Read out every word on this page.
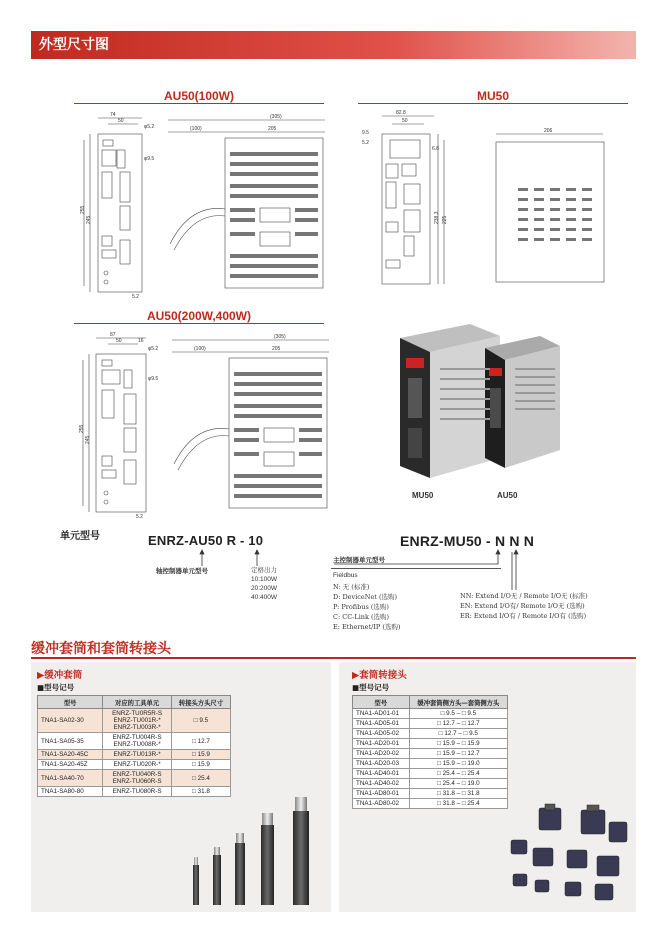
外型尺寸图
AU50(100W)
74
50
φ5.2
φ9.5
255
245
5.2
(305)
(100)	205
MU50
82.8
50
9.5
5.2
6.8
238.3 225
206
AU50(200W,400W)
87
50	16
φ5.2
φ9.5
255
245
5.2
(305)
(100)	205
MU50	AU50
单元型号	ENRZ-AU50 R - 10
轴控制器单元型号	定格出力
10:100W
20:200W
40:400W
ENRZ-MU50 - N N N
主控制器单元型号
Fieldbus
N: 无 (标准)
D: DeviceNet (选购)
P: Profibus (选购)
C: CC-Link (选购)
E: Ethernet/IP (选购)
NN: Extend I/O无 / Remote I/O无 (标准)
EN: Extend I/O有/ Remote I/O无 (选购)
ER: Extend I/O有 / Remote I/O有 (选购)
缓冲套筒和套筒转接头
▶缓冲套筒
■型号记号
型号	对应的工具单元	转接头方头尺寸
TNA1-SA02-30	ENRZ-TU0R5R-S
ENRZ-TU001R-*
ENRZ-TU003R-*	□ 9.5
TNA1-SA05-35	ENRZ-TU004R-S
ENRZ-TU008R-*	□ 12.7
TNA1-SA20-45C	ENRZ-TU013R-*	□ 15.9
TNA1-SA20-45Z	ENRZ-TU020R-*	□ 15.9
TNA1-SA40-70	ENRZ-TU040R-S
ENRZ-TU060R-S	□ 25.4
TNA1-SA80-80	ENRZ-TU080R-S	□ 31.8
▶套筒转接头
■型号记号
型号	缓冲套筒侧方头—套筒侧方头
TNA1-AD01-01	□ 9.5 – □ 9.5
TNA1-AD05-01	□ 12.7 – □ 12.7
TNA1-AD05-02	□ 12.7 – □ 9.5
TNA1-AD20-01	□ 15.9 – □ 15.9
TNA1-AD20-02	□ 15.9 – □ 12.7
TNA1-AD20-03	□ 15.9 – □ 19.0
TNA1-AD40-01	□ 25.4 – □ 25.4
TNA1-AD40-02	□ 25.4 – □ 19.0
TNA1-AD80-01	□ 31.8 – □ 31.8
TNA1-AD80-02	□ 31.8 – □ 25.4
